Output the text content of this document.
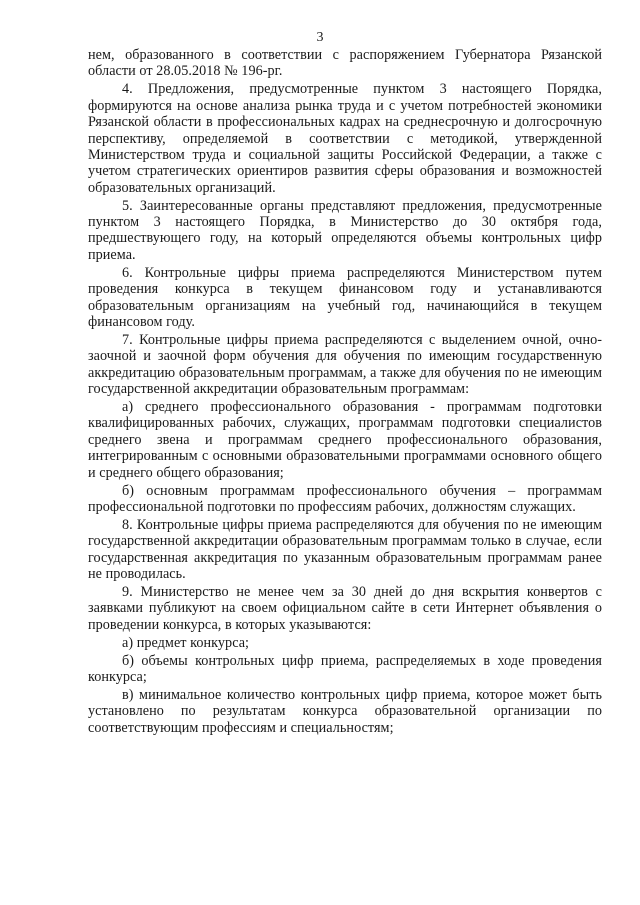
3

нем, образованного в соответствии с распоряжением Губернатора Рязанской области от 28.05.2018 № 196-рг.

4. Предложения, предусмотренные пунктом 3 настоящего Порядка, формируются на основе анализа рынка труда и с учетом потребностей экономики Рязанской области в профессиональных кадрах на среднесрочную и долгосрочную перспективу, определяемой в соответствии с методикой, утвержденной Министерством труда и социальной защиты Российской Федерации, а также с учетом стратегических ориентиров развития сферы образования и возможностей образовательных организаций.

5. Заинтересованные органы представляют предложения, предусмотренные пунктом 3 настоящего Порядка, в Министерство до 30 октября года, предшествующего году, на который определяются объемы контрольных цифр приема.

6. Контрольные цифры приема распределяются Министерством путем проведения конкурса в текущем финансовом году и устанавливаются образовательным организациям на учебный год, начинающийся в текущем финансовом году.

7. Контрольные цифры приема распределяются с выделением очной, очно-заочной и заочной форм обучения для обучения по имеющим государственную аккредитацию образовательным программам, а также для обучения по не имеющим государственной аккредитации образовательным программам:

а) среднего профессионального образования - программам подготовки квалифицированных рабочих, служащих, программам подготовки специалистов среднего звена и программам среднего профессионального образования, интегрированным с основными образовательными программами основного общего и среднего общего образования;

б) основным программам профессионального обучения – программам профессиональной подготовки по профессиям рабочих, должностям служащих.

8. Контрольные цифры приема распределяются для обучения по не имеющим государственной аккредитации образовательным программам только в случае, если государственная аккредитация по указанным образовательным программам ранее не проводилась.

9. Министерство не менее чем за 30 дней до дня вскрытия конвертов с заявками публикуют на своем официальном сайте в сети Интернет объявления о проведении конкурса, в которых указываются:

а) предмет конкурса;

б) объемы контрольных цифр приема, распределяемых в ходе проведения конкурса;

в) минимальное количество контрольных цифр приема, которое может быть установлено по результатам конкурса образовательной организации по соответствующим профессиям и специальностям;
